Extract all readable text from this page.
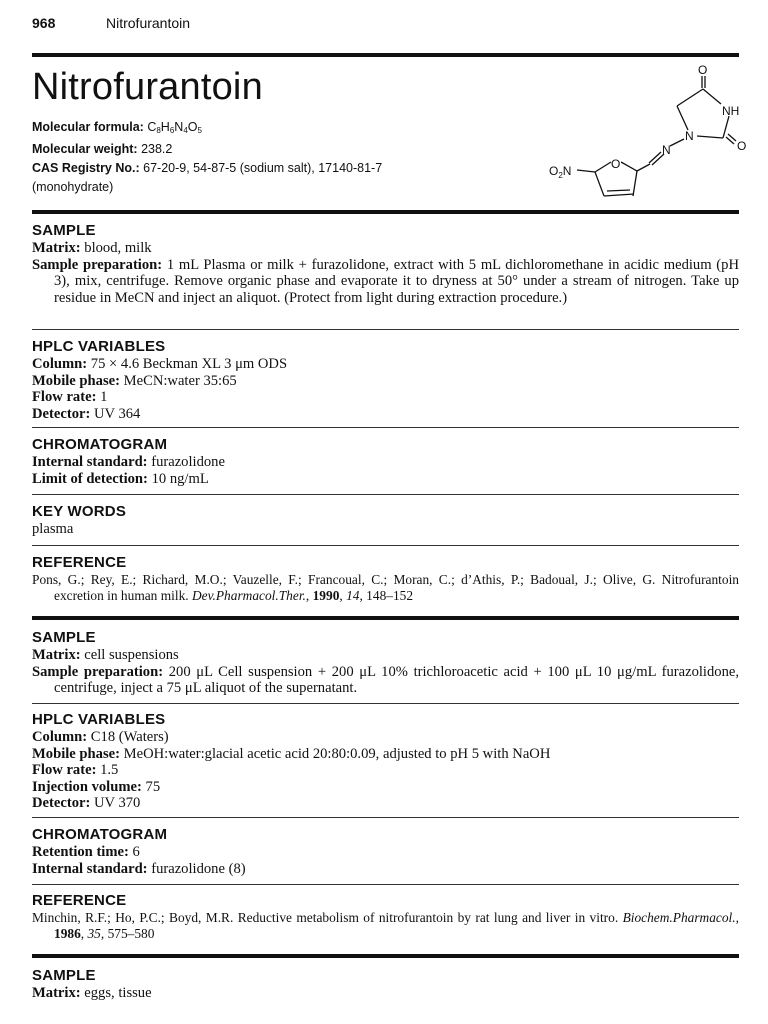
968	Nitrofurantoin
Nitrofurantoin
Molecular formula: $C_8H_6N_4O_5$
Molecular weight: 238.2
CAS Registry No.: 67-20-9, 54-87-5 (sodium salt), 17140-81-7
(monohydrate)
O
NH
N
O
N
O
$O_2N$
SAMPLE

Matrix: blood, milk

Sample preparation: 1 mL Plasma or milk + furazolidone, extract with 5 mL dichloromethane in acidic medium (pH 3), mix, centrifuge. Remove organic phase and evaporate it to dryness at 50° under a stream of nitrogen. Take up residue in MeCN and inject an aliquot. (Protect from light during extraction procedure.)

HPLC VARIABLES

Column: 75 × 4.6 Beckman XL 3 μm ODS

Mobile phase: MeCN:water 35:65

Flow rate: 1

Detector: UV 364

CHROMATOGRAM

Internal standard: furazolidone

Limit of detection: 10 ng/mL

KEY WORDS

plasma

REFERENCE

Pons, G.; Rey, E.; Richard, M.O.; Vauzelle, F.; Francoual, C.; Moran, C.; d’Athis, P.; Badoual, J.; Olive, G. Nitrofurantoin excretion in human milk. Dev.Pharmacol.Ther., 1990, 14, 148–152

SAMPLE

Matrix: cell suspensions

Sample preparation: 200 μL Cell suspension + 200 μL 10% trichloroacetic acid + 100 μL 10 μg/mL furazolidone, centrifuge, inject a 75 μL aliquot of the supernatant.

HPLC VARIABLES

Column: C18 (Waters)

Mobile phase: MeOH:water:glacial acetic acid 20:80:0.09, adjusted to pH 5 with NaOH

Flow rate: 1.5

Injection volume: 75

Detector: UV 370

CHROMATOGRAM

Retention time: 6

Internal standard: furazolidone (8)

REFERENCE

Minchin, R.F.; Ho, P.C.; Boyd, M.R. Reductive metabolism of nitrofurantoin by rat lung and liver in vitro. Biochem.Pharmacol., 1986, 35, 575–580

SAMPLE

Matrix: eggs, tissue
